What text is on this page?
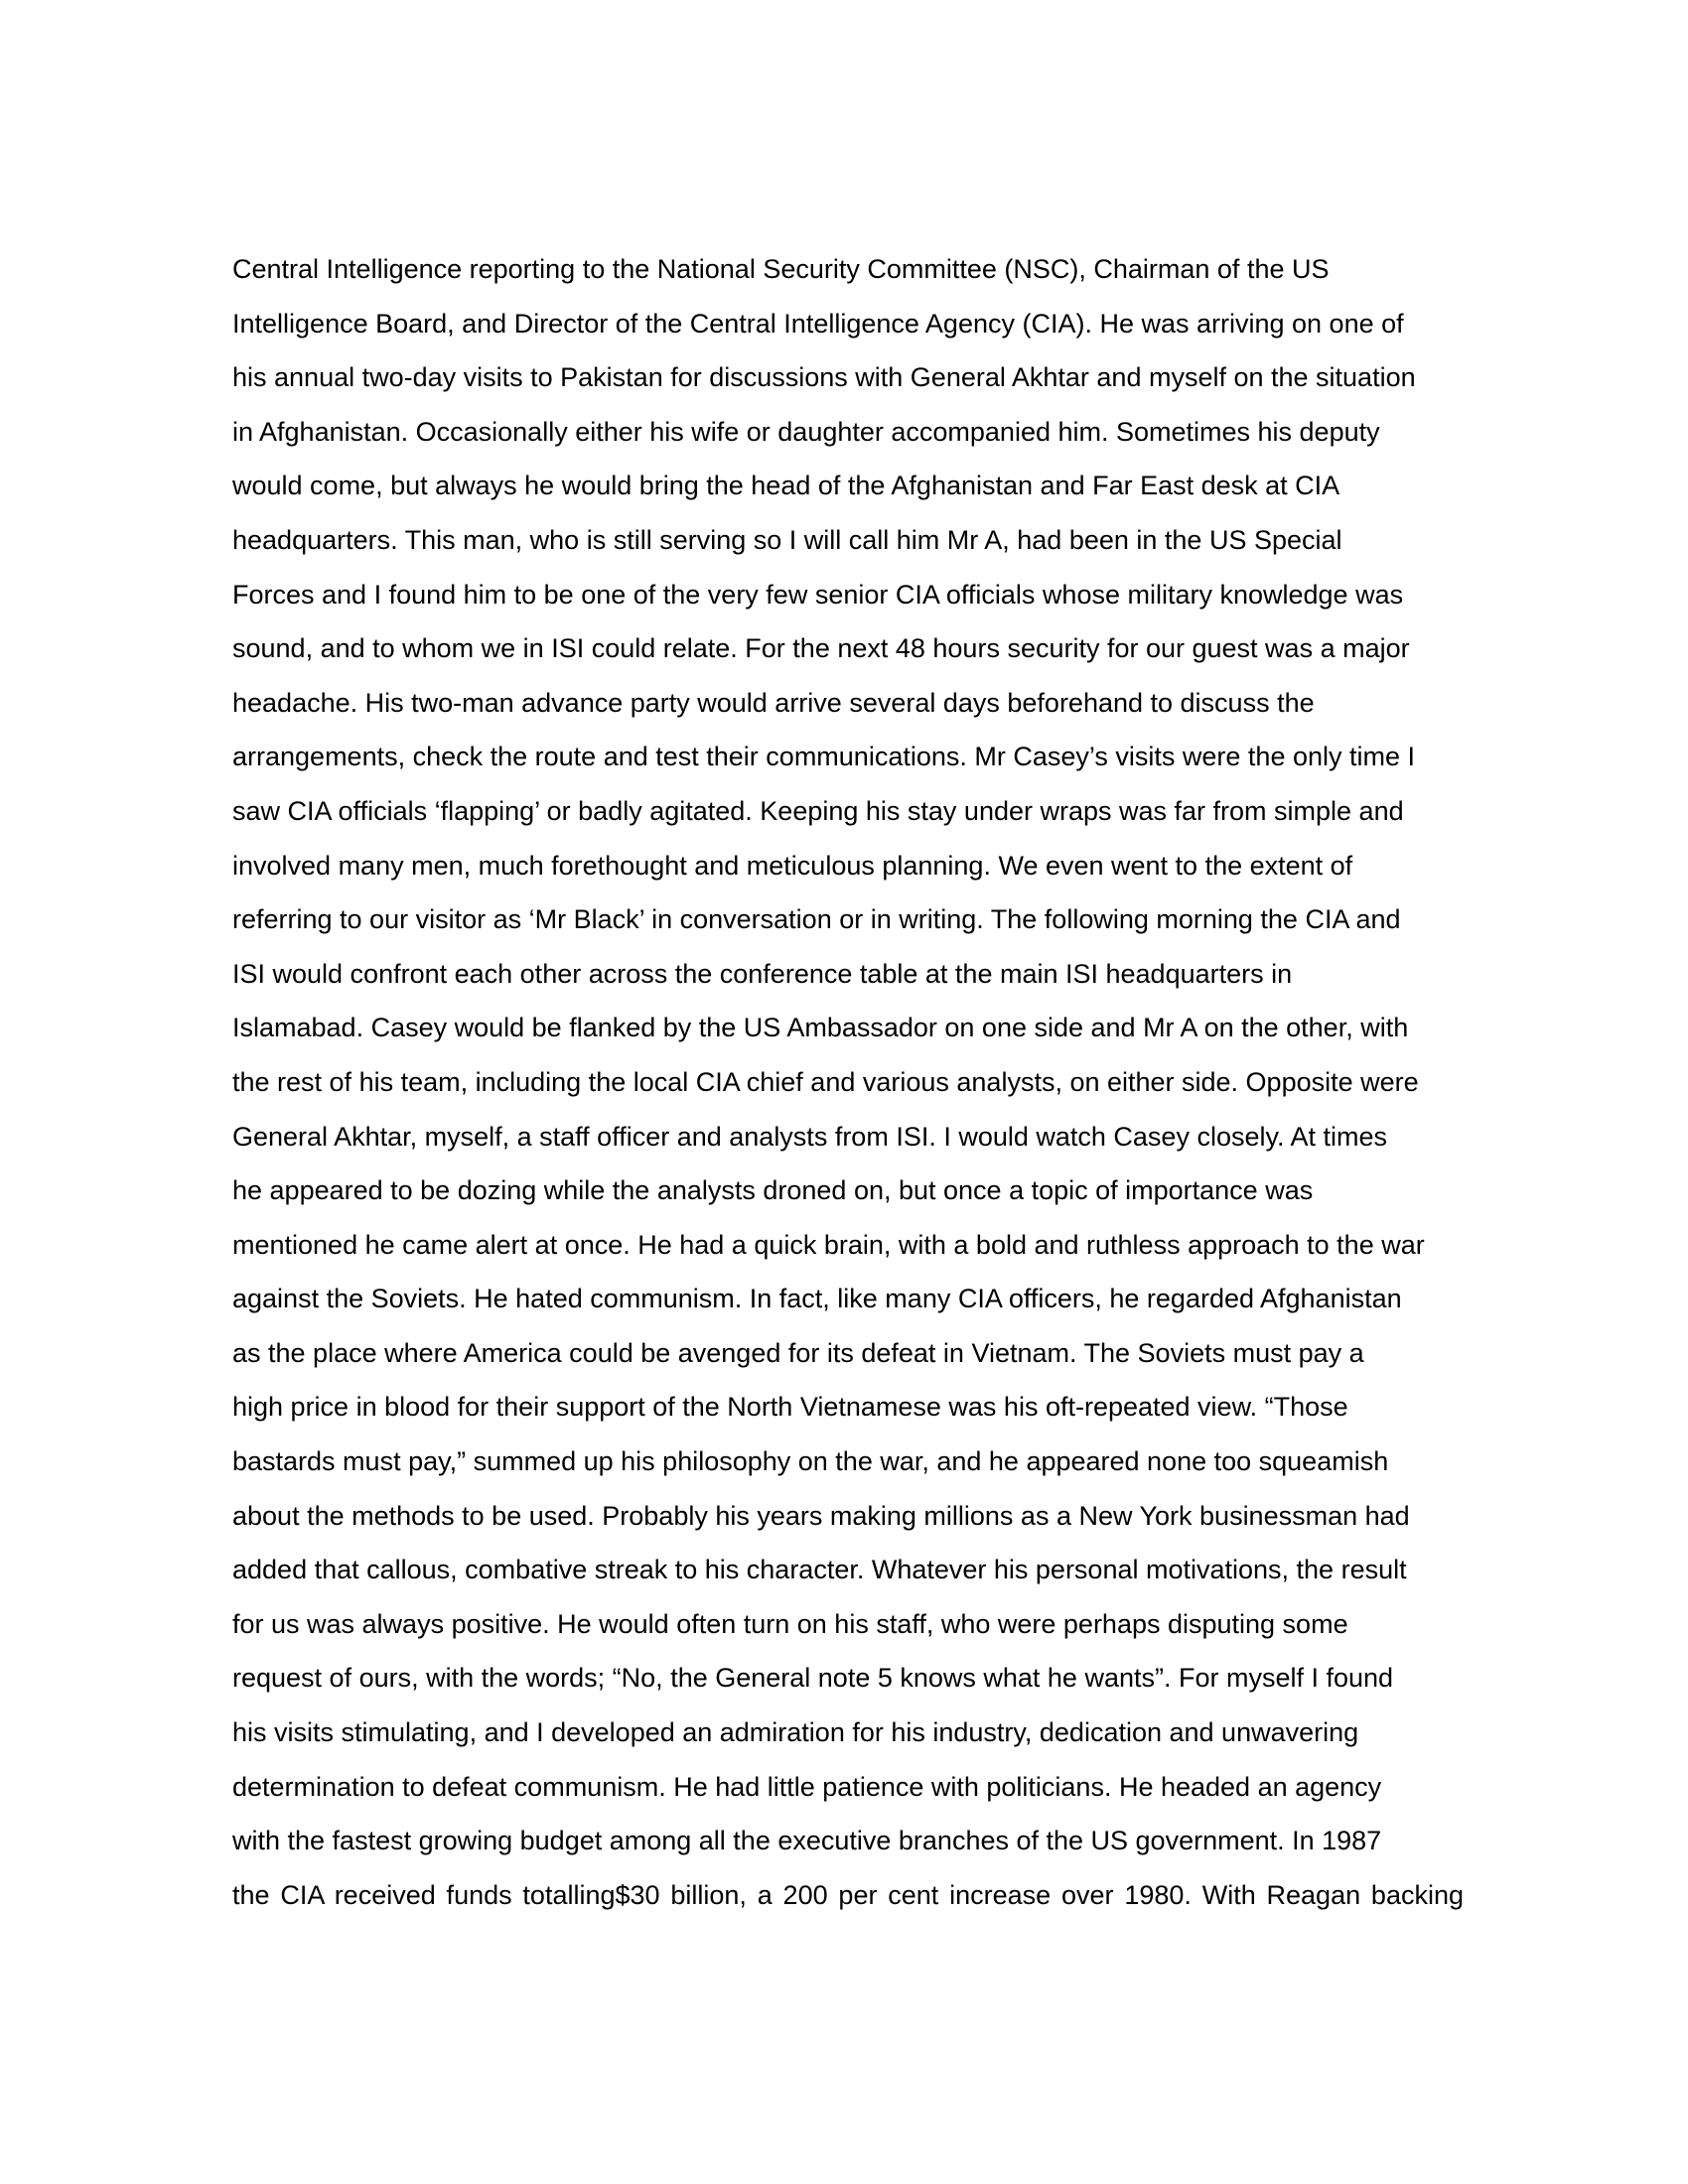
Central Intelligence reporting to the National Security Committee (NSC), Chairman of the US
Intelligence Board, and Director of the Central Intelligence Agency (CIA). He was arriving on one of
his annual two-day visits to Pakistan for discussions with General Akhtar and myself on the situation
in Afghanistan. Occasionally either his wife or daughter accompanied him. Sometimes his deputy
would come, but always he would bring the head of the Afghanistan and Far East desk at CIA
headquarters. This man, who is still serving so I will call him Mr A, had been in the US Special
Forces and I found him to be one of the very few senior CIA officials whose military knowledge was
sound, and to whom we in ISI could relate. For the next 48 hours security for our guest was a major
headache. His two-man advance party would arrive several days beforehand to discuss the
arrangements, check the route and test their communications. Mr Casey’s visits were the only time I
saw CIA officials ‘flapping’ or badly agitated. Keeping his stay under wraps was far from simple and
involved many men, much forethought and meticulous planning. We even went to the extent of
referring to our visitor as ‘Mr Black’ in conversation or in writing. The following morning the CIA and
ISI would confront each other across the conference table at the main ISI headquarters in
Islamabad. Casey would be flanked by the US Ambassador on one side and Mr A on the other, with
the rest of his team, including the local CIA chief and various analysts, on either side. Opposite were
General Akhtar, myself, a staff officer and analysts from ISI. I would watch Casey closely. At times
he appeared to be dozing while the analysts droned on, but once a topic of importance was
mentioned he came alert at once. He had a quick brain, with a bold and ruthless approach to the war
against the Soviets. He hated communism. In fact, like many CIA officers, he regarded Afghanistan
as the place where America could be avenged for its defeat in Vietnam. The Soviets must pay a
high price in blood for their support of the North Vietnamese was his oft-repeated view. “Those
bastards must pay,” summed up his philosophy on the war, and he appeared none too squeamish
about the methods to be used. Probably his years making millions as a New York businessman had
added that callous, combative streak to his character. Whatever his personal motivations, the result
for us was always positive. He would often turn on his staff, who were perhaps disputing some
request of ours, with the words; “No, the General note 5 knows what he wants”. For myself I found
his visits stimulating, and I developed an admiration for his industry, dedication and unwavering
determination to defeat communism. He had little patience with politicians. He headed an agency
with the fastest growing budget among all the executive branches of the US government. In 1987
the CIA received funds totalling$30 billion, a 200 per cent increase over 1980. With Reagan backing
